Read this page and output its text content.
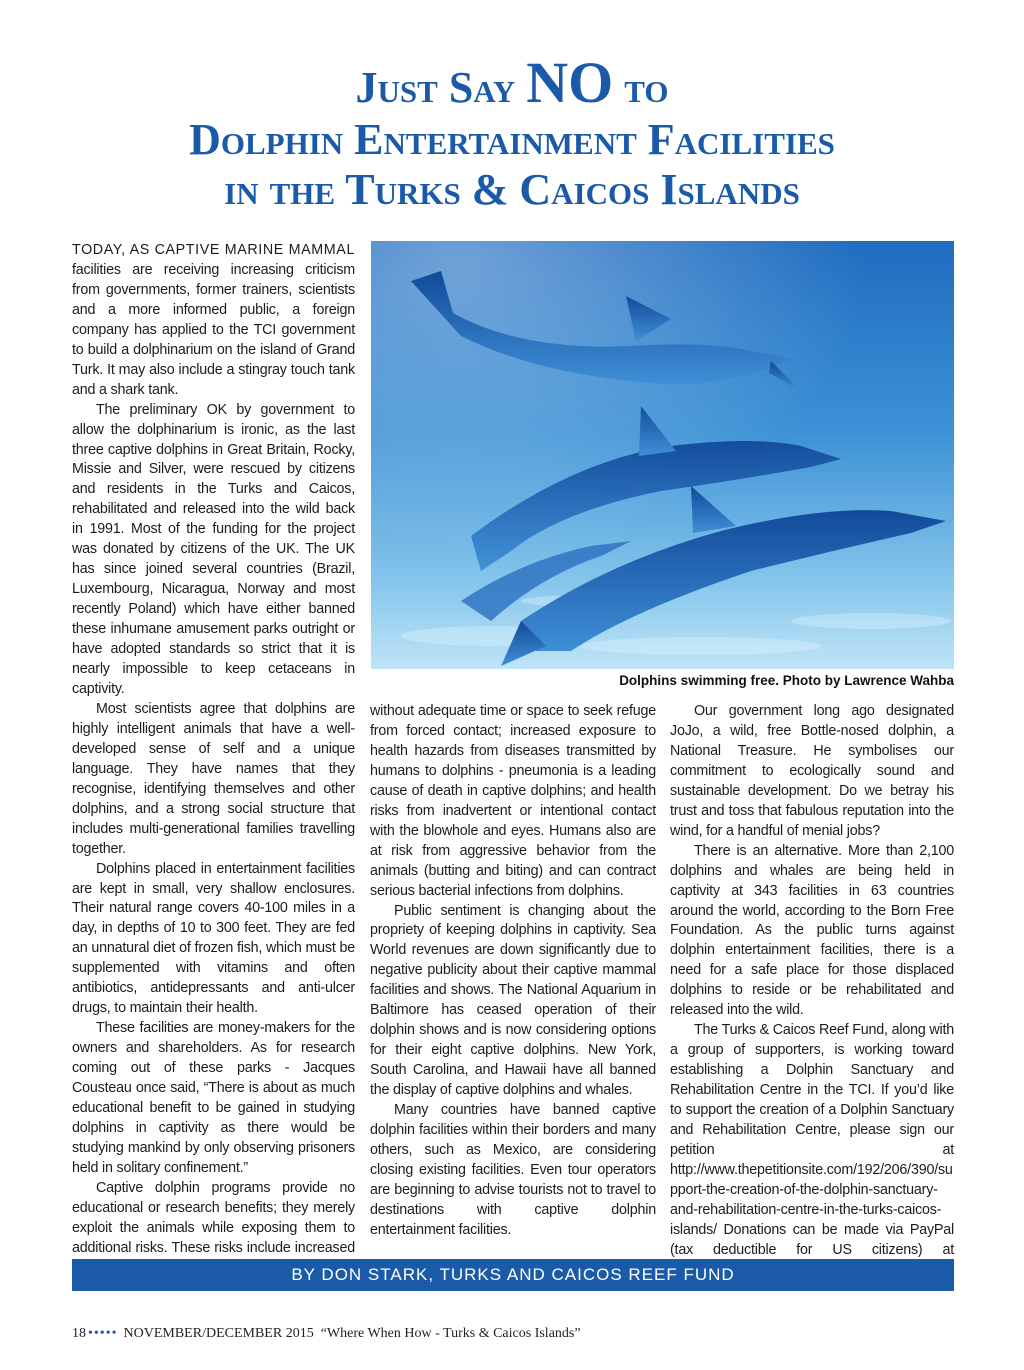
Just Say NO to
Dolphin Entertainment Facilities
in the Turks & Caicos Islands

TODAY, AS CAPTIVE MARINE MAMMAL facilities are receiving increasing criticism from governments, former trainers, scientists and a more informed public, a foreign company has applied to the TCI government to build a dolphinarium on the island of Grand Turk. It may also include a stingray touch tank and a shark tank.

The preliminary OK by government to allow the dolphinarium is ironic, as the last three captive dolphins in Great Britain, Rocky, Missie and Silver, were rescued by citizens and residents in the Turks and Caicos, rehabilitated and released into the wild back in 1991. Most of the funding for the project was donated by citizens of the UK. The UK has since joined several countries (Brazil, Luxembourg, Nicaragua, Norway and most recently Poland) which have either banned these inhumane amusement parks outright or have adopted standards so strict that it is nearly impossible to keep cetaceans in captivity.

Most scientists agree that dolphins are highly intelligent animals that have a well-developed sense of self and a unique language. They have names that they recognise, identifying themselves and other dolphins, and a strong social structure that includes multi-generational families travelling together.

Dolphins placed in entertainment facilities are kept in small, very shallow enclosures. Their natural range covers 40-100 miles in a day, in depths of 10 to 300 feet. They are fed an unnatural diet of frozen fish, which must be supplemented with vitamins and often antibiotics, antidepressants and anti-ulcer drugs, to maintain their health.

These facilities are money-makers for the owners and shareholders. As for research coming out of these parks - Jacques Cousteau once said, “There is about as much educational benefit to be gained in studying dolphins in captivity as there would be studying mankind by only observing prisoners held in solitary confinement.”

Captive dolphin programs provide no educational or research benefits; they merely exploit the animals while exposing them to additional risks. These risks include increased

Dolphins swimming free. Photo by Lawrence Wahba

without adequate time or space to seek refuge from forced contact; increased exposure to health hazards from diseases transmitted by humans to dolphins - pneumonia is a leading cause of death in captive dolphins; and health risks from inadvertent or intentional contact with the blowhole and eyes. Humans also are at risk from aggressive behavior from the animals (butting and biting) and can contract serious bacterial infections from dolphins.

Public sentiment is changing about the propriety of keeping dolphins in captivity. Sea World revenues are down significantly due to negative publicity about their captive mammal facilities and shows. The National Aquarium in Baltimore has ceased operation of their dolphin shows and is now considering options for their eight captive dolphins. New York, South Carolina, and Hawaii have all banned the display of captive dolphins and whales.

Many countries have banned captive dolphin facilities within their borders and many others, such as Mexico, are considering closing existing facilities. Even tour operators are beginning to advise tourists not to travel to destinations with captive dolphin entertainment facilities.

Our government long ago designated JoJo, a wild, free Bottle-nosed dolphin, a National Treasure. He symbolises our commitment to ecologically sound and sustainable development. Do we betray his trust and toss that fabulous reputation into the wind, for a handful of menial jobs?

There is an alternative. More than 2,100 dolphins and whales are being held in captivity at 343 facilities in 63 countries around the world, according to the Born Free Foundation. As the public turns against dolphin entertainment facilities, there is a need for a safe place for those displaced dolphins to reside or be rehabilitated and released into the wild.

The Turks & Caicos Reef Fund, along with a group of supporters, is working toward establishing a Dolphin Sanctuary and Rehabilitation Centre in the TCI. If you’d like to support the creation of a Dolphin Sanctuary and Rehabilitation Centre, please sign our petition at http://www.thepetitionsite.com/192/206/390/support-the-creation-of-the-dolphin-sanctuary-and-rehabilitation-centre-in-the-turks-caicos-islands/ Donations can be made via PayPal (tax deductible for US citizens) at

BY DON STARK, TURKS AND CAICOS REEF FUND
18 ••••• NOVEMBER/DECEMBER 2015 “Where When How - Turks & Caicos Islands”
